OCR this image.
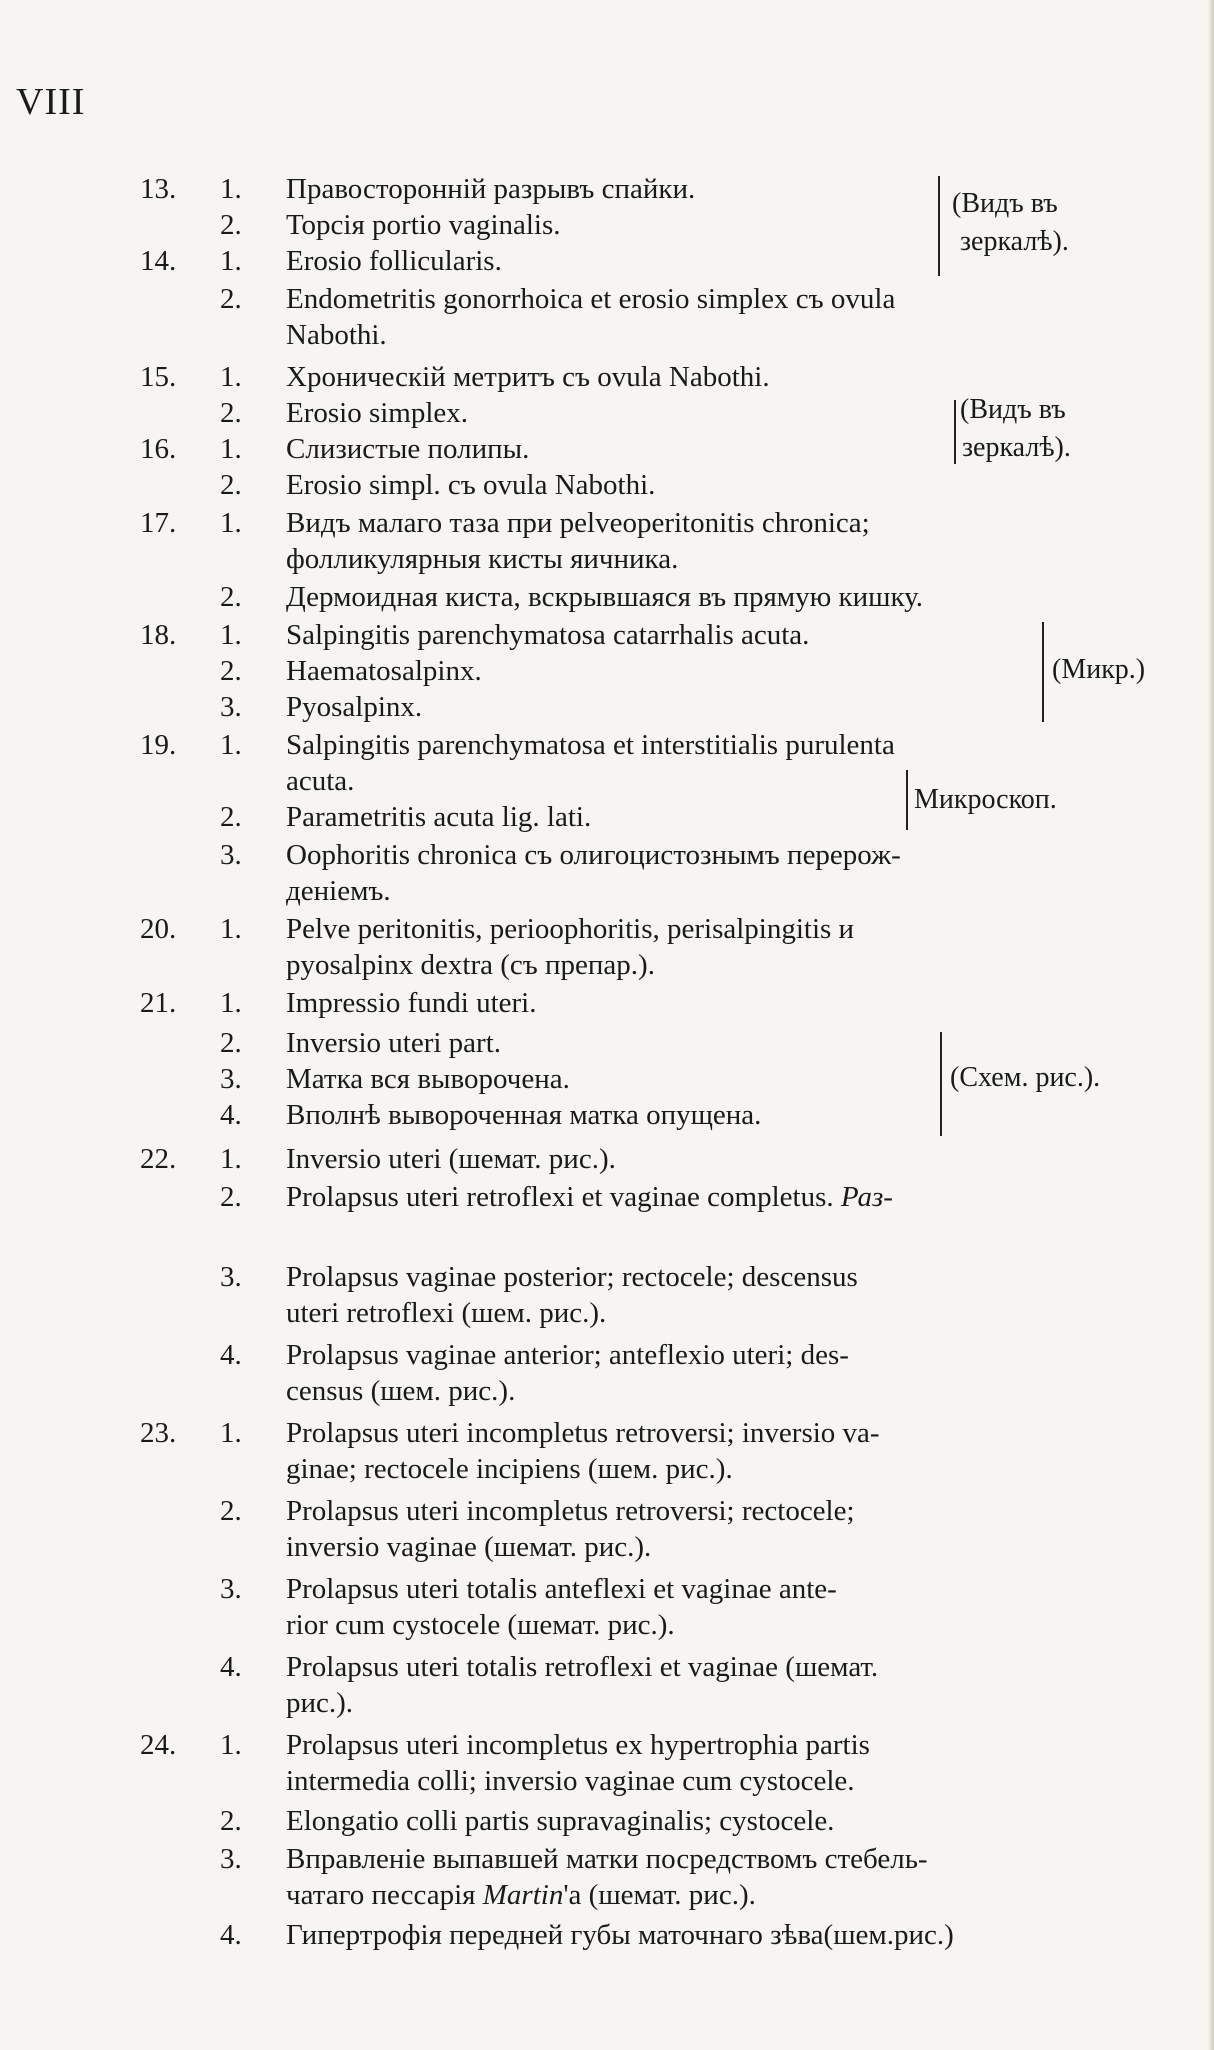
VIII
13.	1. Правосторонній разрывъ спайки.
2. Торсія portio vaginalis.
14.	1. Erosio follicularis.
2. Endometritis gonorrhoica et erosio simplex съ ovula
Nabothi.
15.	1. Хроническій метритъ съ ovula Nabothi.
2. Erosio simplex.
16.	1. Слизистые полипы.
2. Erosio simpl. съ ovula Nabothi.
17.	1. Видъ малаго таза при pelveoperitonitis chronica;
фолликулярныя кисты яичника.
2. Дермоидная киста, вскрывшаяся въ прямую кишку.
18.	1. Salpingitis parenchymatosa catarrhalis acuta.
2. Haematosalpinx.
3. Pyosalpinx.
19.	1. Salpingitis parenchymatosa et interstitialis purulenta
acuta.
2. Parametritis acuta lig. lati.
3. Oophoritis chronica съ олигоцистознымъ перерож-
деніемъ.
20.	1. Pelve peritonitis, perioophoritis, perisalpingitis и
pyosalpinx dextra (съ препар.).
21.	1. Impressio fundi uteri.
2. Inversio uteri part.
3. Матка вся выворочена.
4. Вполнѣ вывороченная матка опущена.
22.	1. Inversio uteri (шемат. рис.).
2. Prolapsus uteri retroflexi et vaginae completus. Раз-
3. Prolapsus vaginae posterior; rectocele; descensus
uteri retroflexi (шем. рис.).
4. Prolapsus vaginae anterior; anteflexio uteri; des-
census (шем. рис.).
23.	1. Prolapsus uteri incompletus retroversi; inversio va-
ginae; rectocele incipiens (шем. рис.).
2. Prolapsus uteri incompletus retroversi; rectocele;
inversio vaginae (шемат. рис.).
3. Prolapsus uteri totalis anteflexi et vaginae ante-
rior cum cystocele (шемат. рис.).
4. Prolapsus uteri totalis retroflexi et vaginae (шемат.
рис.).
24.	1. Prolapsus uteri incompletus ex hypertrophia partis
intermedia colli; inversio vaginae cum cystocele.
2. Elongatio colli partis supravaginalis; cystocele.
3. Вправленіе выпавшей матки посредствомъ стебель-
чатаго пессарія Martin'а (шемат. рис.).
4. Гипертрофія передней губы маточнаго зѣва(шем.рис.)
(Видъ въ
зеркалѣ).
(Видъ въ
зеркалѣ).
(Микр.)
Микроскоп.
(Схем. рис.).
